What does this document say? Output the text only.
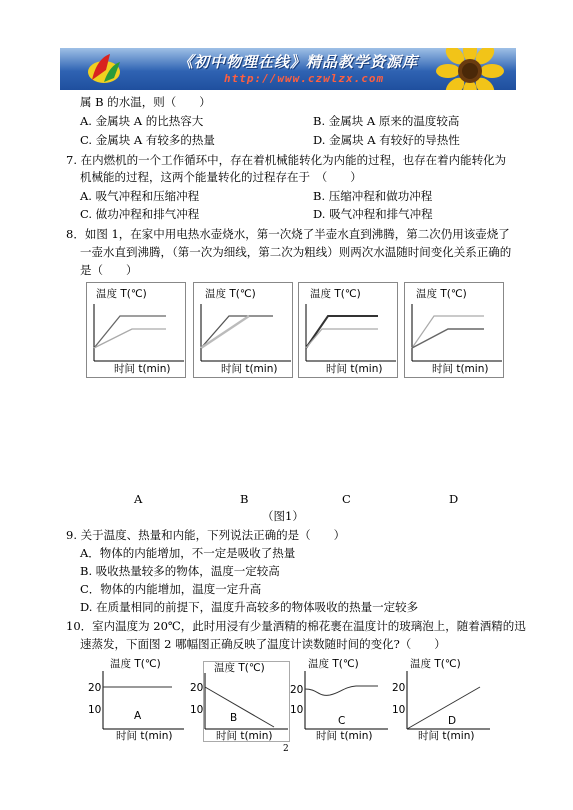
《初中物理在线》精品教学资源库
http://www.czwlzx.com
属 B 的水温，则（　　）
A. 金属块 A 的比热容大	B. 金属块 A 原来的温度较高
C. 金属块 A 有较多的热量	D. 金属块 A 有较好的导热性
7. 在内燃机的一个工作循环中，存在着机械能转化为内能的过程，也存在着内能转化为
机械能的过程，这两个能量转化的过程存在于　（　　）
A. 吸气冲程和压缩冲程	B. 压缩冲程和做功冲程
C. 做功冲程和排气冲程	D. 吸气冲程和排气冲程
8．如图 1，在家中用电热水壶烧水，第一次烧了半壶水直到沸腾，第二次仍用该壶烧了
一壶水直到沸腾，（第一次为细线，第二次为粗线）则两次水温随时间变化关系正确的
是（　　）
温度 T(℃)
时间 t(min)
温度 T(℃)
时间 t(min)
温度 T(℃)
时间 t(min)
温度 T(℃)
时间 t(min)
A	B	C	D
（图1）
9. 关于温度、热量和内能，下列说法正确的是（　　）
A．物体的内能增加，不一定是吸收了热量
B. 吸收热量较多的物体，温度一定较高
C．物体的内能增加，温度一定升高
D. 在质量相同的前提下，温度升高较多的物体吸收的热量一定较多
10．室内温度为 20℃，此时用浸有少量酒精的棉花裹在温度计的玻璃泡上，随着酒精的迅
速蒸发，下面图 2 哪幅图正确反映了温度计读数随时间的变化?（　　）
温度 T(℃)
时间 t(min)
20
10	A
温度 T(℃)
时间 t(min)
20
10
B
温度 T(℃)
时间 t(min)
20
10
C
温度 T(℃)
时间 t(min)
20
10
D
2
